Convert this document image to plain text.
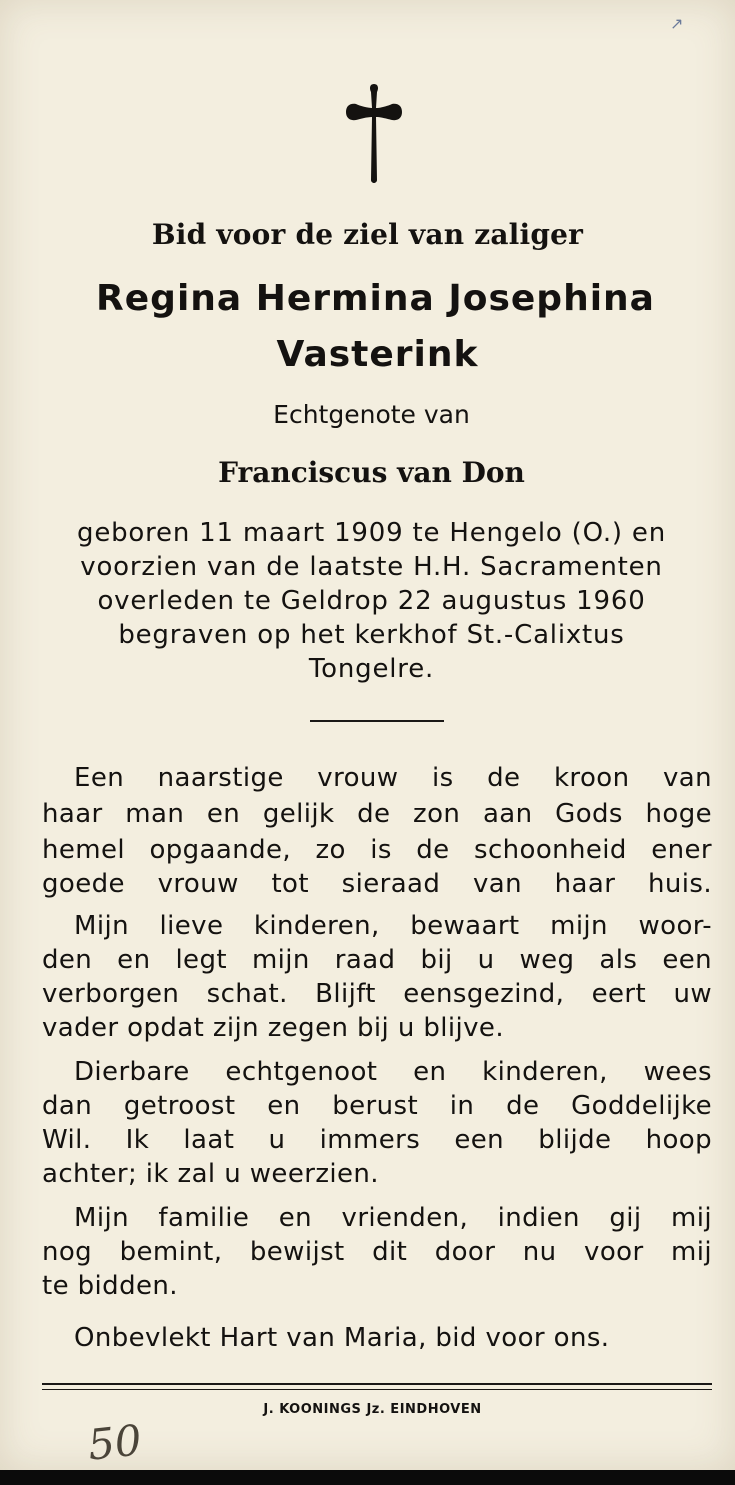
↗

Bid voor de ziel van zaliger

Regina Hermina Josephina

Vasterink

Echtgenote van

Franciscus van Don

geboren 11 maart 1909 te Hengelo (O.) en

voorzien van de laatste H.H. Sacramenten

overleden te Geldrop 22 augustus 1960

begraven op het kerkhof St.-Calixtus

Tongelre.

Een naarstige vrouw is de kroon van

haar man en gelijk de zon aan Gods hoge

hemel opgaande, zo is de schoonheid ener

goede vrouw tot sieraad van haar huis.

Mijn lieve kinderen, bewaart mijn woor-

den en legt mijn raad bij u weg als een

verborgen schat. Blijft eensgezind, eert uw

vader opdat zijn zegen bij u blijve.

Dierbare echtgenoot en kinderen, wees

dan getroost en berust in de Goddelijke

Wil. Ik laat u immers een blijde hoop

achter; ik zal u weerzien.

Mijn familie en vrienden, indien gij mij

nog bemint, bewijst dit door nu voor mij

te bidden.

Onbevlekt Hart van Maria, bid voor ons.

J. KOONINGS Jz. EINDHOVEN

50
